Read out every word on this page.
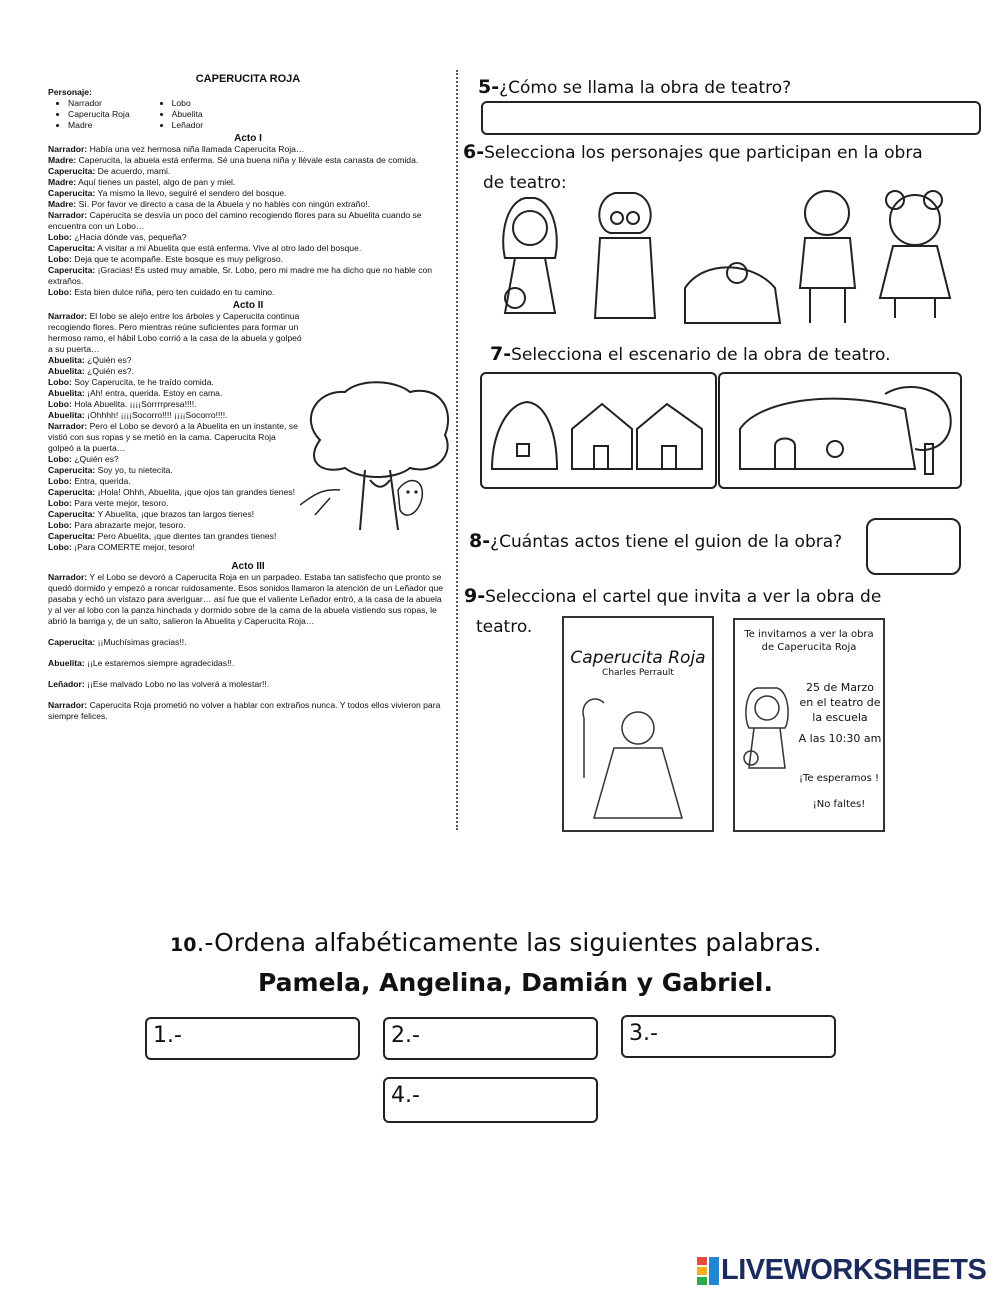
CAPERUCITA ROJA
Personaje:
• Narrador
• Caperucita Roja
• Madre
• Lobo
• Abuelita
• Leñador
Acto I

Narrador: Había una vez hermosa niña llamada Caperucita Roja…

Madre: Caperucita, la abuela está enferma. Sé una buena niña y llévale esta canasta de comida.

Caperucita: De acuerdo, mami.

Madre: Aquí tienes un pastel, algo de pan y miel.

Caperucita: Ya mismo la llevo, seguiré el sendero del bosque.

Madre: Sí. Por favor ve directo a casa de la Abuela y no hables con ningún extraño!.

Narrador: Caperucita se desvía un poco del camino recogiendo flores para su Abuelita cuando se encuentra con un Lobo…

Lobo: ¿Hacia dónde vas, pequeña?

Caperucita: A visitar a mi Abuelita que está enferma. Vive al otro lado del bosque.

Lobo: Deja que te acompañe. Este bosque es muy peligroso.

Caperucita: ¡Gracias! Es usted muy amable, Sr. Lobo, pero mi madre me ha dicho que no hable con extraños.

Lobo: Esta bien dulce niña, pero ten cuidado en tu camino.

Acto II

Narrador: El lobo se alejo entre los árboles y Caperucita continua recogiendo flores. Pero mientras reúne suficientes para formar un hermoso ramo, el hábil Lobo corrió a la casa de la abuela y golpeó a su puerta…

Abuelita: ¿Quién es?

Abuelita: ¿Quién es?.

Lobo: Soy Caperucita, te he traído comida.

Abuelita: ¡Ah! entra, querida. Estoy en cama.

Lobo: Hola Abuelita. ¡¡¡¡Sorrrrpresa!!!!.

Abuelita: ¡Ohhhh! ¡¡¡¡Socorro!!!! ¡¡¡¡Socorro!!!!.

Narrador: Pero el Lobo se devoró a la Abuelita en un instante, se vistió con sus ropas y se metió en la cama. Caperucita Roja golpeó a la puerta…

Lobo: ¿Quién es?

Caperucita: Soy yo, tu nietecita.

Lobo: Entra, querida.

Caperucita: ¡Hola! Ohhh, Abuelita, ¡que ojos tan grandes tienes!

Lobo: Para verte mejor, tesoro.

Caperucita: Y Abuelita, ¡que brazos tan largos tienes!

Lobo: Para abrazarte mejor, tesoro.

Caperucita: Pero Abuelita, ¡que dientes tan grandes tienes!

Lobo: ¡Para COMERTE mejor, tesoro!

Acto III

Narrador: Y el Lobo se devoró a Caperucita Roja en un parpadeo. Estaba tan satisfecho que pronto se quedó dormido y empezó a roncar ruidosamente. Esos sonidos llamaron la atención de un Leñador que pasaba y echó un vistazo para averiguar… así fue que el valiente Leñador entró, a la casa de la abuela y al ver al lobo con la panza hinchada y dormido sobre de la cama de la abuela vistiendo sus ropas, le abrió la barriga y, de un salto, salieron la Abuelita y Caperucita Roja…

Caperucita: ¡¡Muchísimas gracias!!.

Abuelita: ¡¡Le estaremos siempre agradecidas!!.

Leñador: ¡¡Ese malvado Lobo no las volverá a molestar!!.

Narrador: Caperucita Roja prometió no volver a hablar con extraños nunca. Y todos ellos vivieron para siempre felices.

5-¿Cómo se llama la obra de teatro?
6-Selecciona los personajes que participan en la obra
de teatro:
7-Selecciona el escenario de la obra de teatro.
8-¿Cuántas actos tiene el guion de la obra?
9-Selecciona el cartel que invita a ver la obra de
teatro.
Caperucita Roja
Charles Perrault
Te invitamos a ver la obra
de Caperucita Roja
25 de Marzo
en el teatro de
la escuela
A las 10:30 am
¡Te esperamos !
¡No faltes!
10.-Ordena alfabéticamente las siguientes palabras.
Pamela, Angelina, Damián y Gabriel.
1.-	2.-	3.-
4.-
LIVEWORKSHEETS
